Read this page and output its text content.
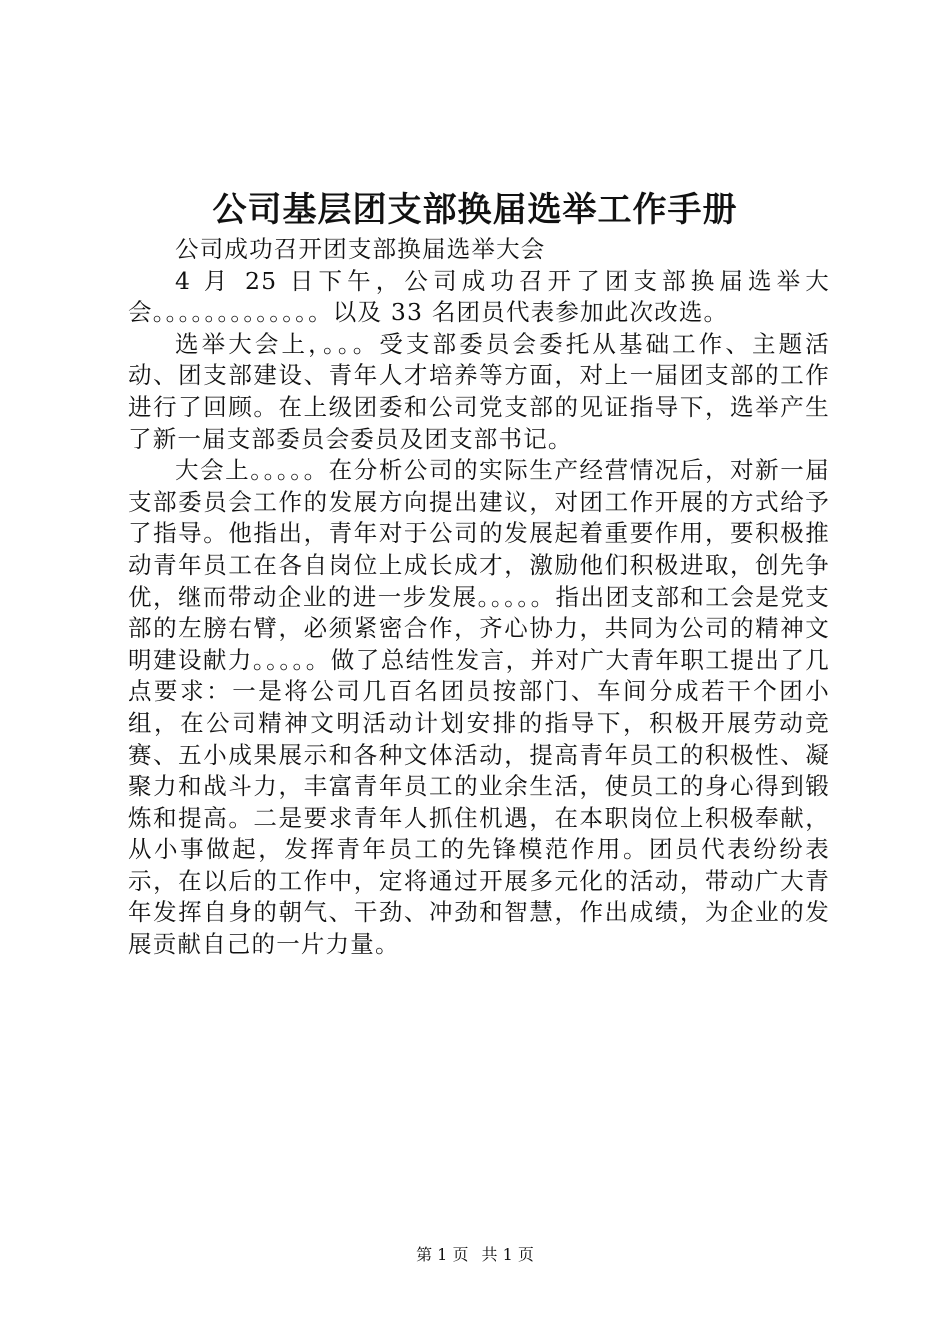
公司基层团支部换届选举工作手册

公司成功召开团支部换届选举大会

4 月 25 日下午，公司成功召开了团支部换届选举大会。。。。。。。。。。。。。以及 33 名团员代表参加此次改选。

选举大会上，。。。受支部委员会委托从基础工作、主题活动、团支部建设、青年人才培养等方面，对上一届团支部的工作进行了回顾。在上级团委和公司党支部的见证指导下，选举产生了新一届支部委员会委员及团支部书记。

大会上。。。。。在分析公司的实际生产经营情况后，对新一届支部委员会工作的发展方向提出建议，对团工作开展的方式给予了指导。他指出，青年对于公司的发展起着重要作用，要积极推动青年员工在各自岗位上成长成才，激励他们积极进取，创先争优，继而带动企业的进一步发展。。。。。指出团支部和工会是党支部的左膀右臂，必须紧密合作，齐心协力，共同为公司的精神文明建设献力。。。。。做了总结性发言，并对广大青年职工提出了几点要求：一是将公司几百名团员按部门、车间分成若干个团小组，在公司精神文明活动计划安排的指导下，积极开展劳动竞赛、五小成果展示和各种文体活动，提高青年员工的积极性、凝聚力和战斗力，丰富青年员工的业余生活，使员工的身心得到锻炼和提高。二是要求青年人抓住机遇，在本职岗位上积极奉献，从小事做起，发挥青年员工的先锋模范作用。团员代表纷纷表示，在以后的工作中，定将通过开展多元化的活动，带动广大青年发挥自身的朝气、干劲、冲劲和智慧，作出成绩，为企业的发展贡献自己的一片力量。

第 1 页 共 1 页
